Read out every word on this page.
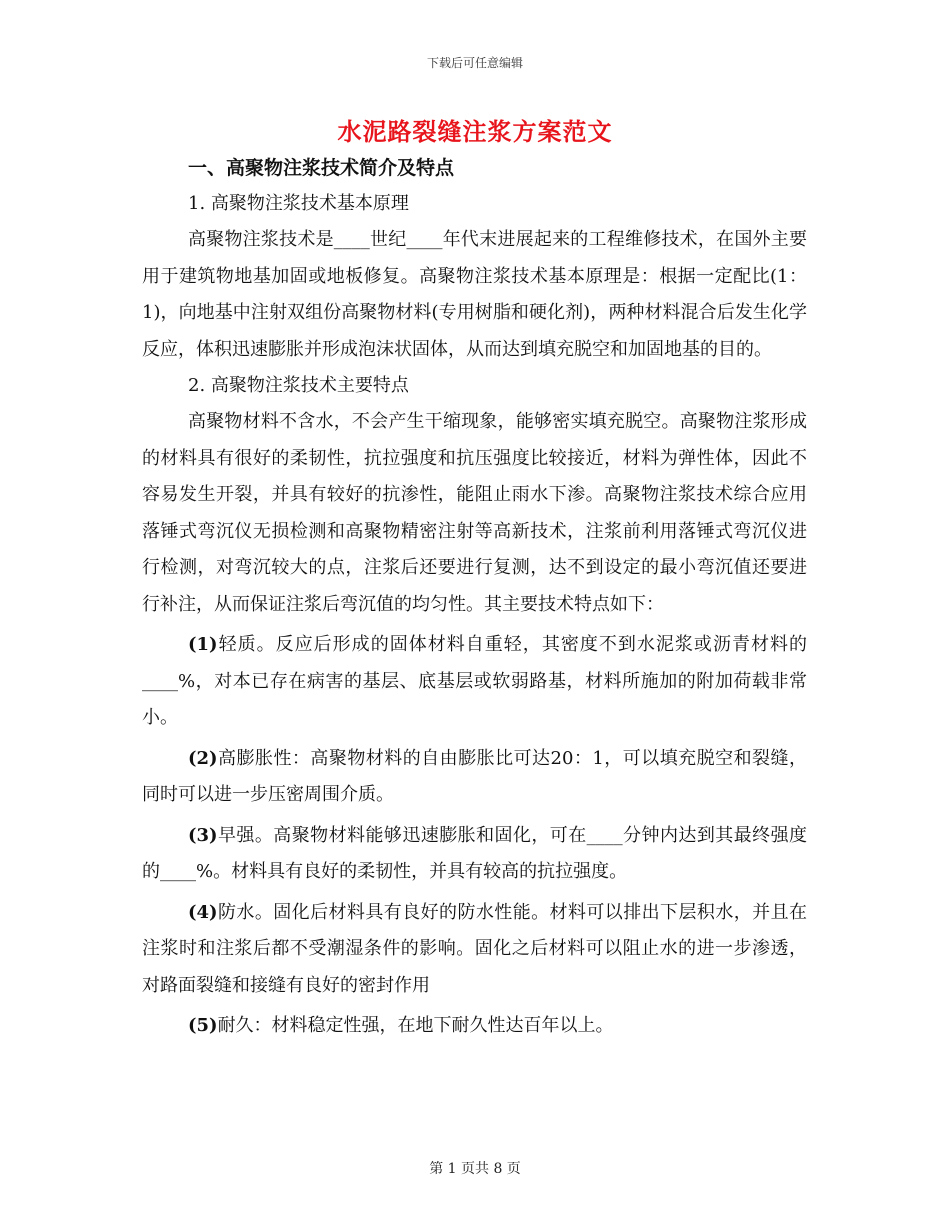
下载后可任意编辑
水泥路裂缝注浆方案范文

一、高聚物注浆技术简介及特点

1. 高聚物注浆技术基本原理

高聚物注浆技术是____世纪____年代末进展起来的工程维修技术，在国外主要用于建筑物地基加固或地板修复。高聚物注浆技术基本原理是：根据一定配比(1：1)，向地基中注射双组份高聚物材料(专用树脂和硬化剂)，两种材料混合后发生化学反应，体积迅速膨胀并形成泡沫状固体，从而达到填充脱空和加固地基的目的。

2. 高聚物注浆技术主要特点

高聚物材料不含水，不会产生干缩现象，能够密实填充脱空。高聚物注浆形成的材料具有很好的柔韧性，抗拉强度和抗压强度比较接近，材料为弹性体，因此不容易发生开裂，并具有较好的抗渗性，能阻止雨水下渗。高聚物注浆技术综合应用落锤式弯沉仪无损检测和高聚物精密注射等高新技术，注浆前利用落锤式弯沉仪进行检测，对弯沉较大的点，注浆后还要进行复测，达不到设定的最小弯沉值还要进行补注，从而保证注浆后弯沉值的均匀性。其主要技术特点如下：

(1)轻质。反应后形成的固体材料自重轻，其密度不到水泥浆或沥青材料的____%，对本已存在病害的基层、底基层或软弱路基，材料所施加的附加荷载非常小。

(2)高膨胀性：高聚物材料的自由膨胀比可达20：1，可以填充脱空和裂缝，同时可以进一步压密周围介质。

(3)早强。高聚物材料能够迅速膨胀和固化，可在____分钟内达到其最终强度的____%。材料具有良好的柔韧性，并具有较高的抗拉强度。

(4)防水。固化后材料具有良好的防水性能。材料可以排出下层积水，并且在注浆时和注浆后都不受潮湿条件的影响。固化之后材料可以阻止水的进一步渗透，对路面裂缝和接缝有良好的密封作用

(5)耐久：材料稳定性强，在地下耐久性达百年以上。

第 1 页共 8 页
